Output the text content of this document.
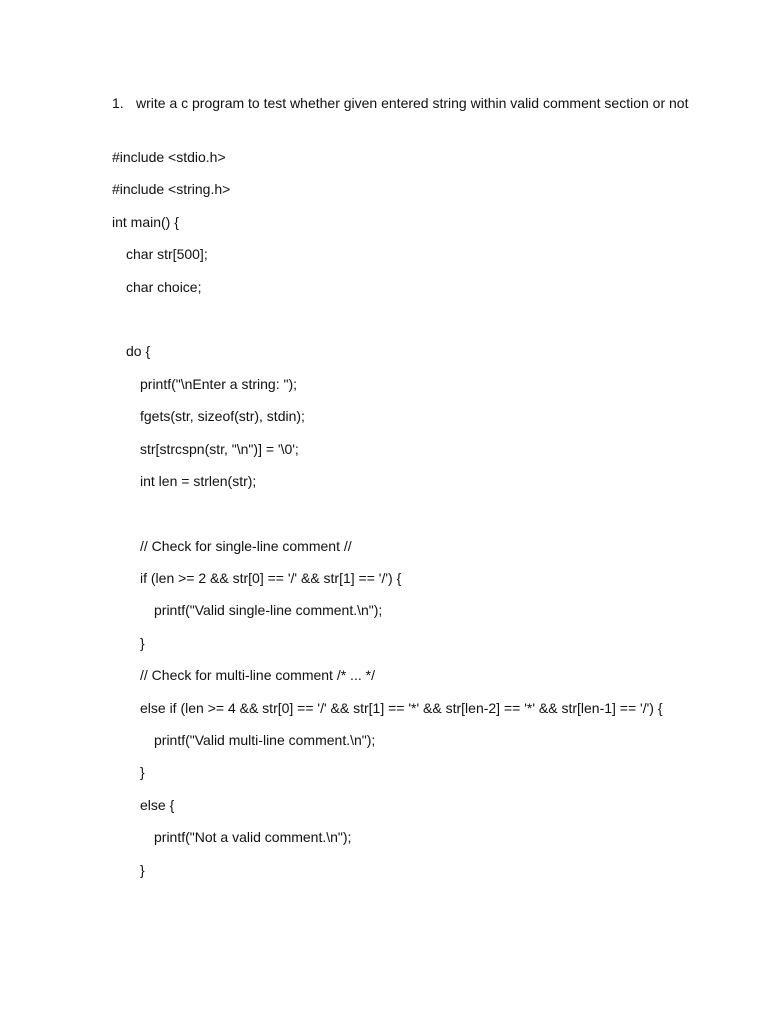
1. write a c program to test whether given entered string within valid comment section or not
#include <stdio.h>
#include <string.h>
int main() {
char str[500];
char choice;
do {
printf("\nEnter a string: ");
fgets(str, sizeof(str), stdin);
str[strcspn(str, "\n")] = '\0';
int len = strlen(str);
// Check for single-line comment //
if (len >= 2 && str[0] == '/' && str[1] == '/') {
printf("Valid single-line comment.\n");
}
// Check for multi-line comment /* ... */
else if (len >= 4 && str[0] == '/' && str[1] == '*' && str[len-2] == '*' && str[len-1] == '/') {
printf("Valid multi-line comment.\n");
}
else {
printf("Not a valid comment.\n");
}
